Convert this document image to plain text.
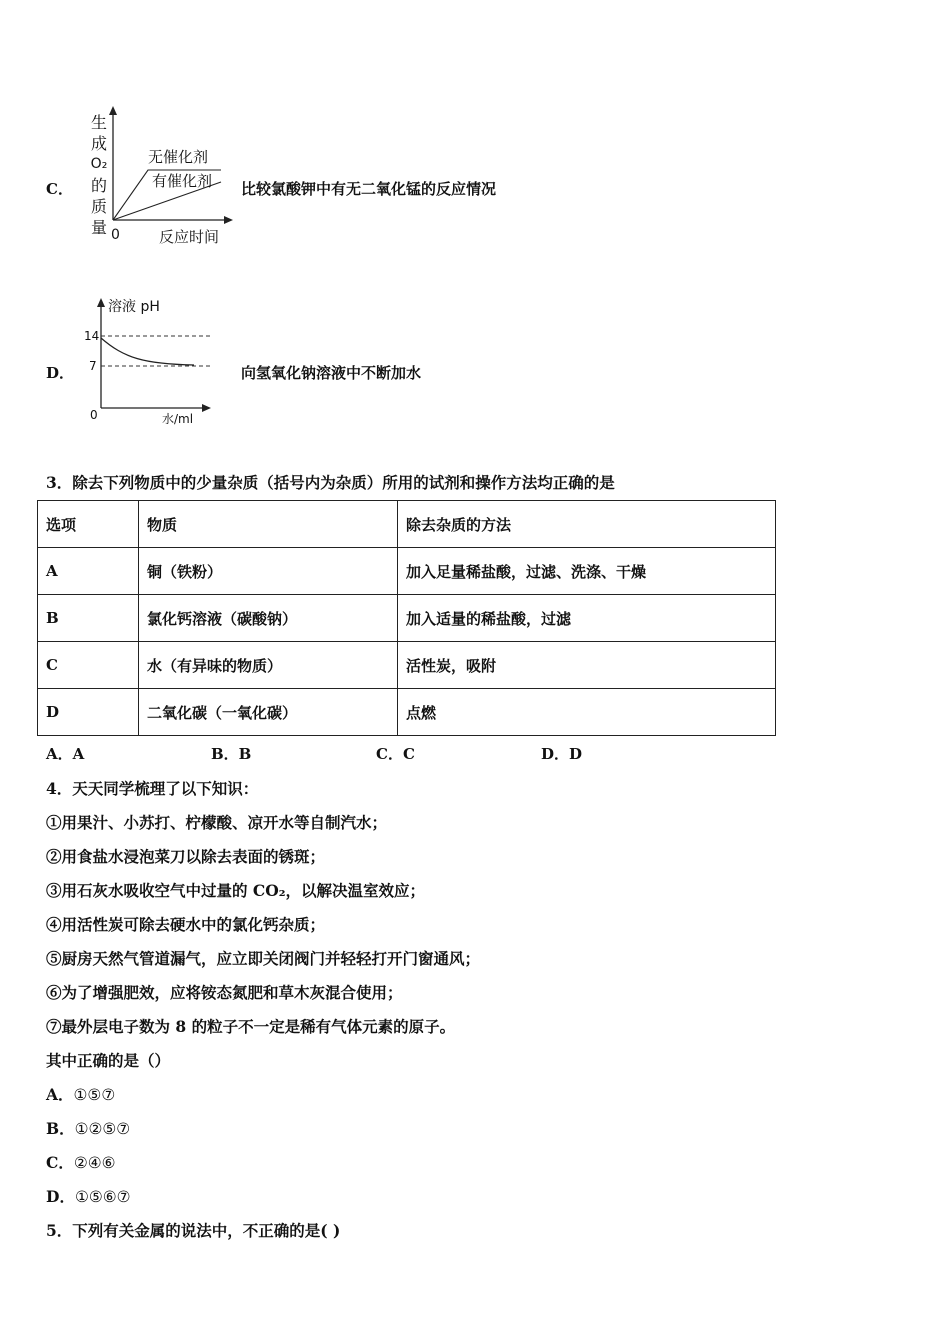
C．
生
成
O₂
的
质
量
无催化剂
有催化剂
0	反应时间
比较氯酸钾中有无二氧化锰的反应情况
D．
溶液 pH
14
7
0	水/ml
向氢氧化钠溶液中不断加水
3．除去下列物质中的少量杂质（括号内为杂质）所用的试剂和操作方法均正确的是
选项	物质	除去杂质的方法
A	铜（铁粉）	加入足量稀盐酸，过滤、洗涤、干燥
B	氯化钙溶液（碳酸钠）	加入适量的稀盐酸，过滤
C	水（有异味的物质）	活性炭，吸附
D	二氧化碳（一氧化碳）	点燃
A．A	B．B	C．C	D．D
4．天天同学梳理了以下知识：
①用果汁、小苏打、柠檬酸、凉开水等自制汽水；
②用食盐水浸泡菜刀以除去表面的锈斑；
③用石灰水吸收空气中过量的 CO₂，以解决温室效应；
④用活性炭可除去硬水中的氯化钙杂质；
⑤厨房天然气管道漏气，应立即关闭阀门并轻轻打开门窗通风；
⑥为了增强肥效，应将铵态氮肥和草木灰混合使用；
⑦最外层电子数为 8 的粒子不一定是稀有气体元素的原子。
其中正确的是（）
A．①⑤⑦
B．①②⑤⑦
C．②④⑥
D．①⑤⑥⑦
5．下列有关金属的说法中，不正确的是( )
